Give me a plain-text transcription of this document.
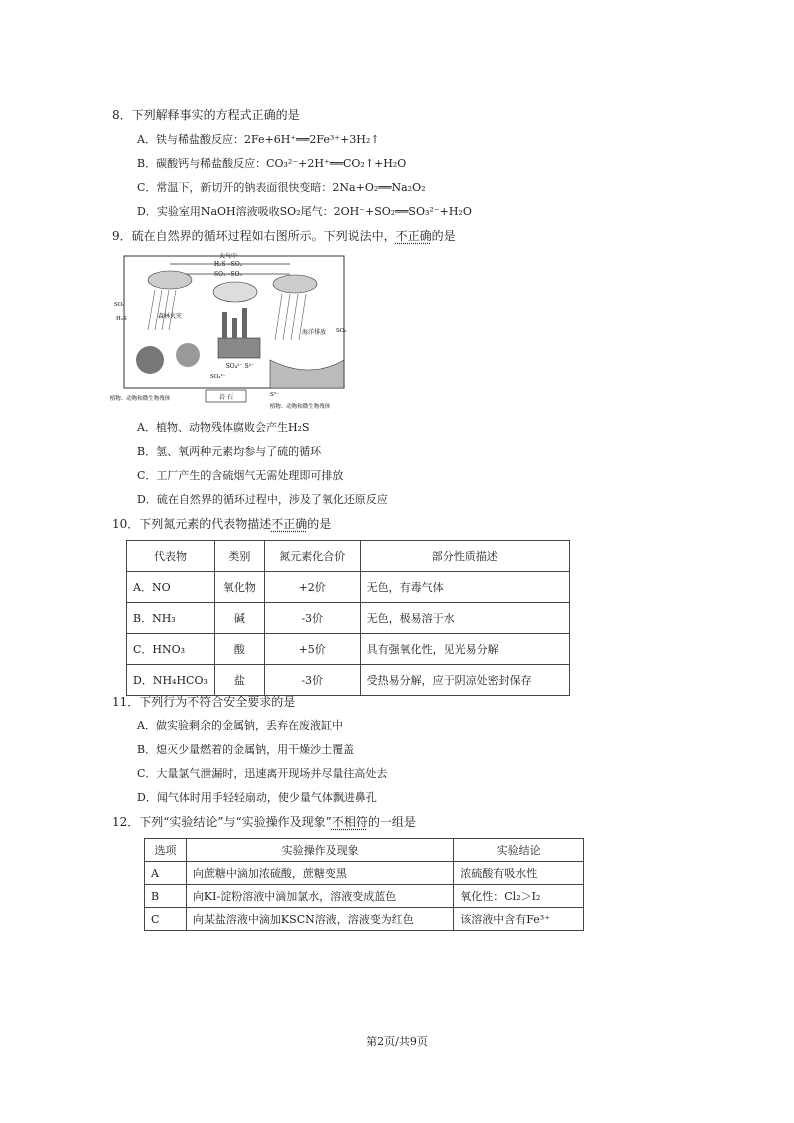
8．下列解释事实的方程式正确的是
A．铁与稀盐酸反应：2Fe+6H⁺══2Fe³⁺+3H₂↑
B．碳酸钙与稀盐酸反应：CO₃²⁻+2H⁺══CO₂↑+H₂O
C．常温下，新切开的钠表面很快变暗：2Na+O₂══Na₂O₂
D．实验室用NaOH溶液吸收SO₂尾气：2OH⁻+SO₂══SO₃²⁻+H₂O
9．硫在自然界的循环过程如右图所示。下列说法中，不正确的是
大气中
H₂S→SO₂
SO₂→SO₃
森林火灾
海洋排放
SO₄²⁻ S²⁻
岩 石
植物、动物和微生物残体
植物、动物和微生物残体
S²⁻
H₂S
SO₂
SO₃
SO₄²⁻
A．植物、动物残体腐败会产生H₂S
B．氢、氧两种元素均参与了硫的循环
C．工厂产生的含硫烟气无需处理即可排放
D．硫在自然界的循环过程中，涉及了氧化还原反应
10．下列氮元素的代表物描述不正确的是
代表物	类别	氮元素化合价	部分性质描述
A．NO	氧化物	+2价	无色，有毒气体
B．NH₃	碱	-3价	无色，极易溶于水
C．HNO₃	酸	+5价	具有强氧化性，见光易分解
D．NH₄HCO₃	盐	-3价	受热易分解，应于阴凉处密封保存
11．下列行为不符合安全要求的是
A．做实验剩余的金属钠，丢弃在废液缸中
B．熄灭少量燃着的金属钠，用干燥沙土覆盖
C．大量氯气泄漏时，迅速离开现场并尽量往高处去
D．闻气体时用手轻轻扇动，使少量气体飘进鼻孔
12．下列“实验结论”与“实验操作及现象”不相符的一组是
选项	实验操作及现象	实验结论
A	向蔗糖中滴加浓硫酸，蔗糖变黑	浓硫酸有吸水性
B	向KI-淀粉溶液中滴加氯水，溶液变成蓝色	氧化性：Cl₂＞I₂
C	向某盐溶液中滴加KSCN溶液，溶液变为红色	该溶液中含有Fe³⁺
第2页/共9页
